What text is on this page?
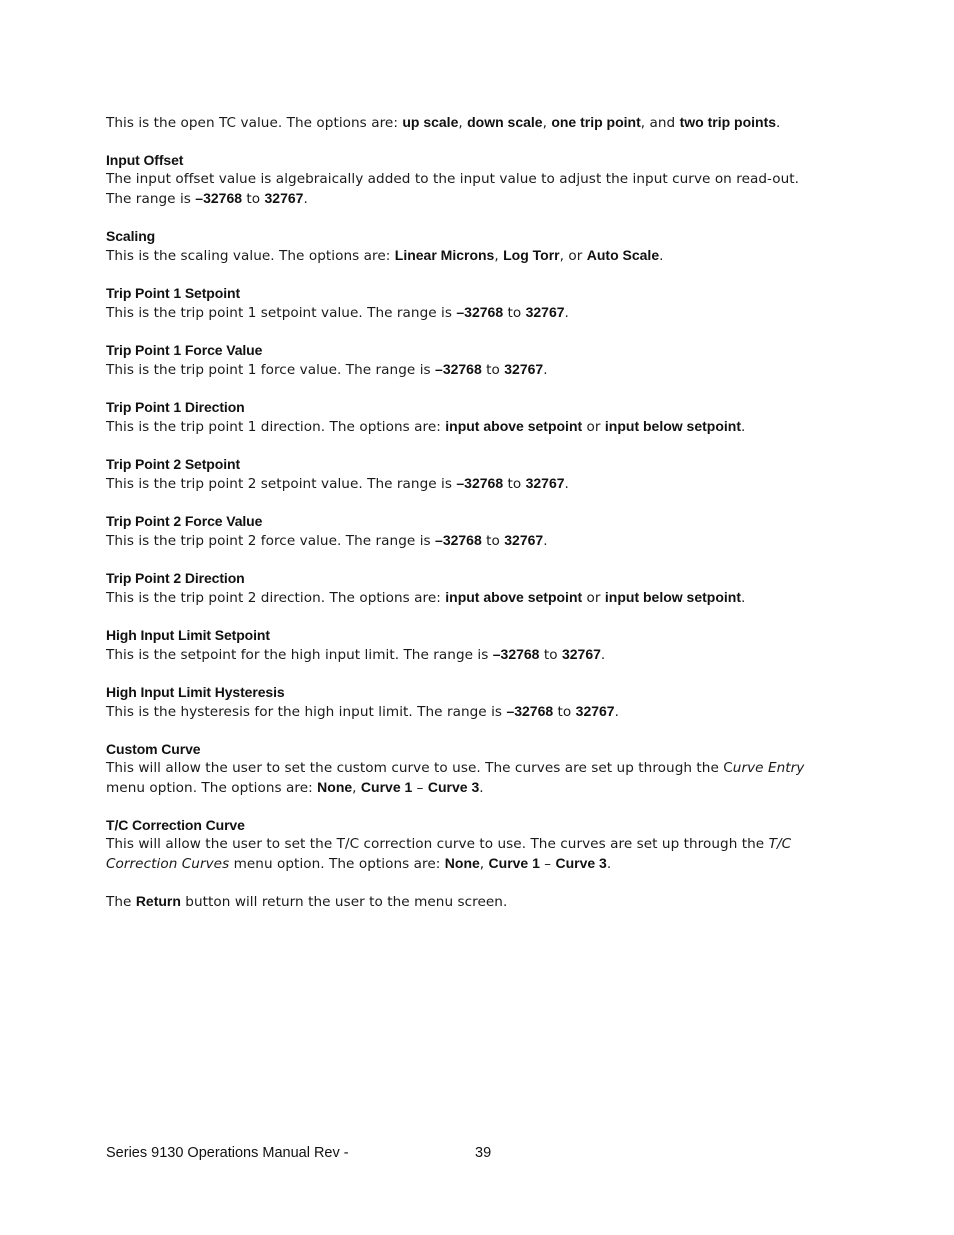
This is the open TC value. The options are: up scale, down scale, one trip point, and two trip points.

Input Offset

The input offset value is algebraically added to the input value to adjust the input curve on read-out. The range is –32768 to 32767.

Scaling

This is the scaling value. The options are: Linear Microns, Log Torr, or Auto Scale.

Trip Point 1 Setpoint

This is the trip point 1 setpoint value. The range is –32768 to 32767.

Trip Point 1 Force Value

This is the trip point 1 force value. The range is –32768 to 32767.

Trip Point 1 Direction

This is the trip point 1 direction. The options are: input above setpoint or input below setpoint.

Trip Point 2 Setpoint

This is the trip point 2 setpoint value. The range is –32768 to 32767.

Trip Point 2 Force Value

This is the trip point 2 force value. The range is –32768 to 32767.

Trip Point 2 Direction

This is the trip point 2 direction. The options are: input above setpoint or input below setpoint.

High Input Limit Setpoint

This is the setpoint for the high input limit. The range is –32768 to 32767.

High Input Limit Hysteresis

This is the hysteresis for the high input limit. The range is –32768 to 32767.

Custom Curve

This will allow the user to set the custom curve to use. The curves are set up through the Curve Entry menu option. The options are: None, Curve 1 – Curve 3.

T/C Correction Curve

This will allow the user to set the T/C correction curve to use. The curves are set up through the T/C Correction Curves menu option. The options are: None, Curve 1 – Curve 3.

The Return button will return the user to the menu screen.

Series 9130 Operations Manual Rev -	39
